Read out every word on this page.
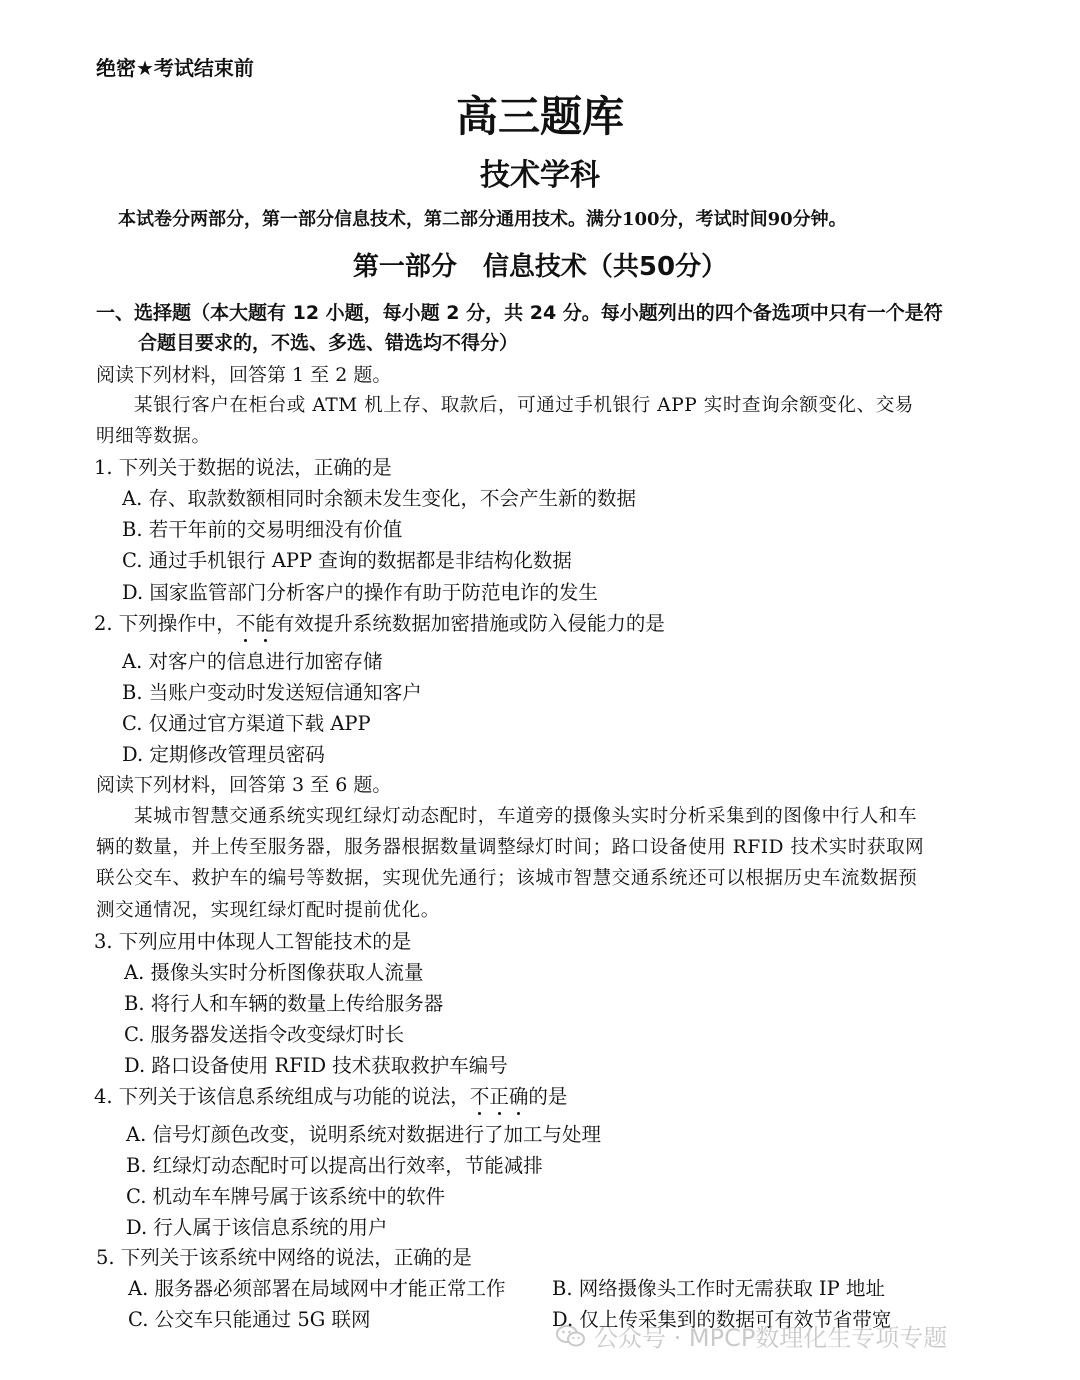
绝密★考试结束前
高三题库
技术学科
本试卷分两部分，第一部分信息技术，第二部分通用技术。满分100分，考试时间90分钟。
第一部分　信息技术（共50分）
一、选择题（本大题有 12 小题，每小题 2 分，共 24 分。每小题列出的四个备选项中只有一个是符
合题目要求的，不选、多选、错选均不得分）
阅读下列材料，回答第 1 至 2 题。
某银行客户在柜台或 ATM 机上存、取款后，可通过手机银行 APP 实时查询余额变化、交易
明细等数据。
1. 下列关于数据的说法，正确的是
A. 存、取款数额相同时余额未发生变化，不会产生新的数据
B. 若干年前的交易明细没有价值
C. 通过手机银行 APP 查询的数据都是非结构化数据
D. 国家监管部门分析客户的操作有助于防范电诈的发生
2. 下列操作中，不能有效提升系统数据加密措施或防入侵能力的是
A. 对客户的信息进行加密存储
B. 当账户变动时发送短信通知客户
C. 仅通过官方渠道下载 APP
D. 定期修改管理员密码
阅读下列材料，回答第 3 至 6 题。
某城市智慧交通系统实现红绿灯动态配时，车道旁的摄像头实时分析采集到的图像中行人和车
辆的数量，并上传至服务器，服务器根据数量调整绿灯时间；路口设备使用 RFID 技术实时获取网
联公交车、救护车的编号等数据，实现优先通行；该城市智慧交通系统还可以根据历史车流数据预
测交通情况，实现红绿灯配时提前优化。
3. 下列应用中体现人工智能技术的是
A. 摄像头实时分析图像获取人流量
B. 将行人和车辆的数量上传给服务器
C. 服务器发送指令改变绿灯时长
D. 路口设备使用 RFID 技术获取救护车编号
4. 下列关于该信息系统组成与功能的说法，不正确的是
A. 信号灯颜色改变，说明系统对数据进行了加工与处理
B. 红绿灯动态配时可以提高出行效率，节能减排
C. 机动车车牌号属于该系统中的软件
D. 行人属于该信息系统的用户
5. 下列关于该系统中网络的说法，正确的是
A. 服务器必须部署在局域网中才能正常工作 B. 网络摄像头工作时无需获取 IP 地址
C. 公交车只能通过 5G 联网	D. 仅上传采集到的数据可有效节省带宽
公众号 · MPCP数理化生专项专题
